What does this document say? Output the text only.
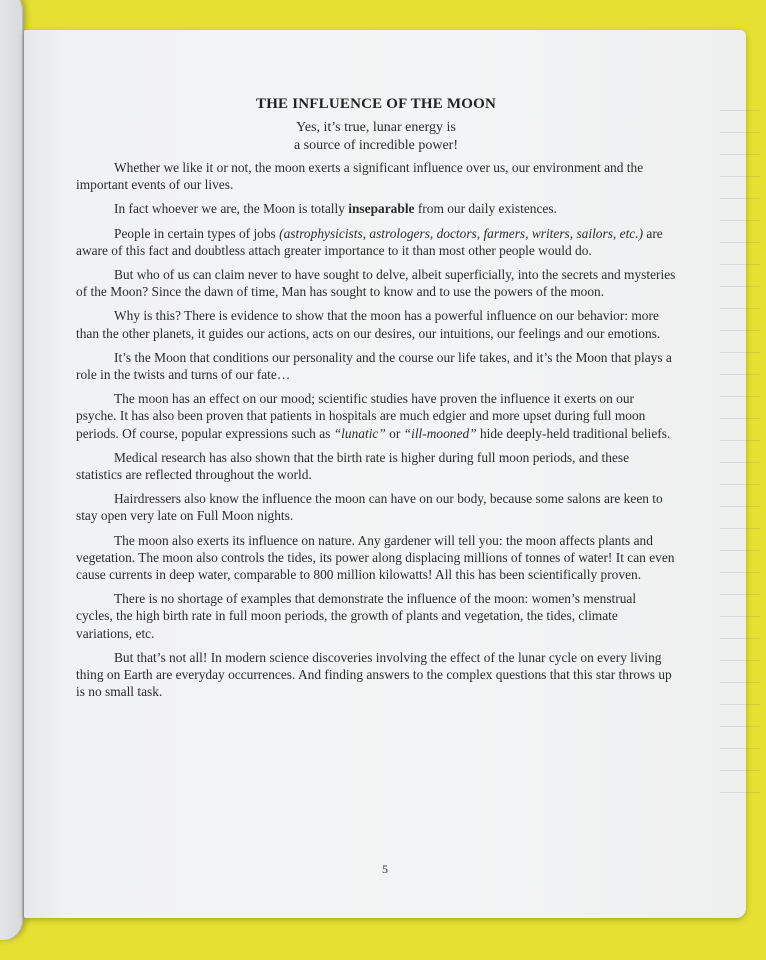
THE INFLUENCE OF THE MOON
Yes, it’s true, lunar energy is
a source of incredible power!

Whether we like it or not, the moon exerts a significant influence over us, our environment and the important events of our lives.

In fact whoever we are, the Moon is totally inseparable from our daily existences.

People in certain types of jobs (astrophysicists, astrologers, doctors, farmers, writers, sailors, etc.) are aware of this fact and doubtless attach greater importance to it than most other people would do.

But who of us can claim never to have sought to delve, albeit superficially, into the secrets and mysteries of the Moon? Since the dawn of time, Man has sought to know and to use the powers of the moon.

Why is this? There is evidence to show that the moon has a powerful influence on our behavior: more than the other planets, it guides our actions, acts on our desires, our intuitions, our feelings and our emotions.

It’s the Moon that conditions our personality and the course our life takes, and it’s the Moon that plays a role in the twists and turns of our fate…

The moon has an effect on our mood; scientific studies have proven the influence it exerts on our psyche. It has also been proven that patients in hospitals are much edgier and more upset during full moon periods. Of course, popular expressions such as “lunatic” or “ill-mooned” hide deeply-held traditional beliefs.

Medical research has also shown that the birth rate is higher during full moon periods, and these statistics are reflected throughout the world.

Hairdressers also know the influence the moon can have on our body, because some salons are keen to stay open very late on Full Moon nights.

The moon also exerts its influence on nature. Any gardener will tell you: the moon affects plants and vegetation. The moon also controls the tides, its power along displacing millions of tonnes of water! It can even cause currents in deep water, comparable to 800 million kilowatts! All this has been scientifically proven.

There is no shortage of examples that demonstrate the influence of the moon: women’s menstrual cycles, the high birth rate in full moon periods, the growth of plants and vegetation, the tides, climate variations, etc.

But that’s not all! In modern science discoveries involving the effect of the lunar cycle on every living thing on Earth are everyday occurrences. And finding answers to the complex questions that this star throws up is no small task.

5
